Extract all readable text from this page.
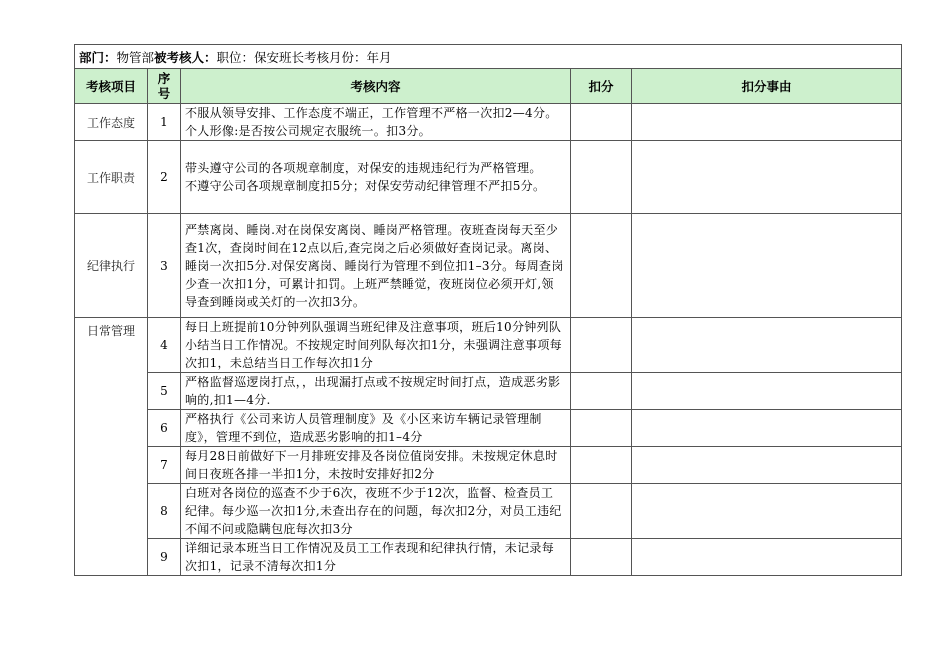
部门：物管部被考核人：职位：保安班长考核月份：年月				
考核项目	序号	考核内容	扣分	扣分事由
工作态度	1	不服从领导安排、工作态度不端正，工作管理不严格一次扣2—4分。个人形像:是否按公司规定衣服统一。扣3分。		
工作职责	2	带头遵守公司的各项规章制度，对保安的违规违纪行为严格管理。
不遵守公司各项规章制度扣5分；对保安劳动纪律管理不严扣5分。		

纪律执行	3	严禁离岗、睡岗.对在岗保安离岗、睡岗严格管理。夜班查岗每天至少查1次，查岗时间在12点以后,查完岗之后必须做好查岗记录。离岗、睡岗一次扣5分.对保安离岗、睡岗行为管理不到位扣1–3分。每周查岗少查一次扣1分，可累计扣罚。上班严禁睡觉，夜班岗位必须开灯,领导查到睡岗或关灯的一次扣3分。		
日常管理	4	每日上班提前10分钟列队强调当班纪律及注意事项，班后10分钟列队小结当日工作情况。不按规定时间列队每次扣1分，未强调注意事项每次扣1，未总结当日工作每次扣1分		
	5	严格监督巡逻岗打点，，出现漏打点或不按规定时间打点，造成恶劣影响的,扣1—4分.		
	6	严格执行《公司来访人员管理制度》及《小区来访车辆记录管理制度》，管理不到位，造成恶劣影响的扣1–4分		
	7	每月28日前做好下一月排班安排及各岗位值岗安排。未按规定休息时间日夜班各排一半扣1分，未按时安排好扣2分		
	8	白班对各岗位的巡查不少于6次，夜班不少于12次，监督、检查员工纪律。每少巡一次扣1分,未查出存在的问题，每次扣2分，对员工违纪不闻不问或隐瞒包庇每次扣3分		
	9	详细记录本班当日工作情况及员工工作表现和纪律执行情，未记录每次扣1，记录不清每次扣1分		
